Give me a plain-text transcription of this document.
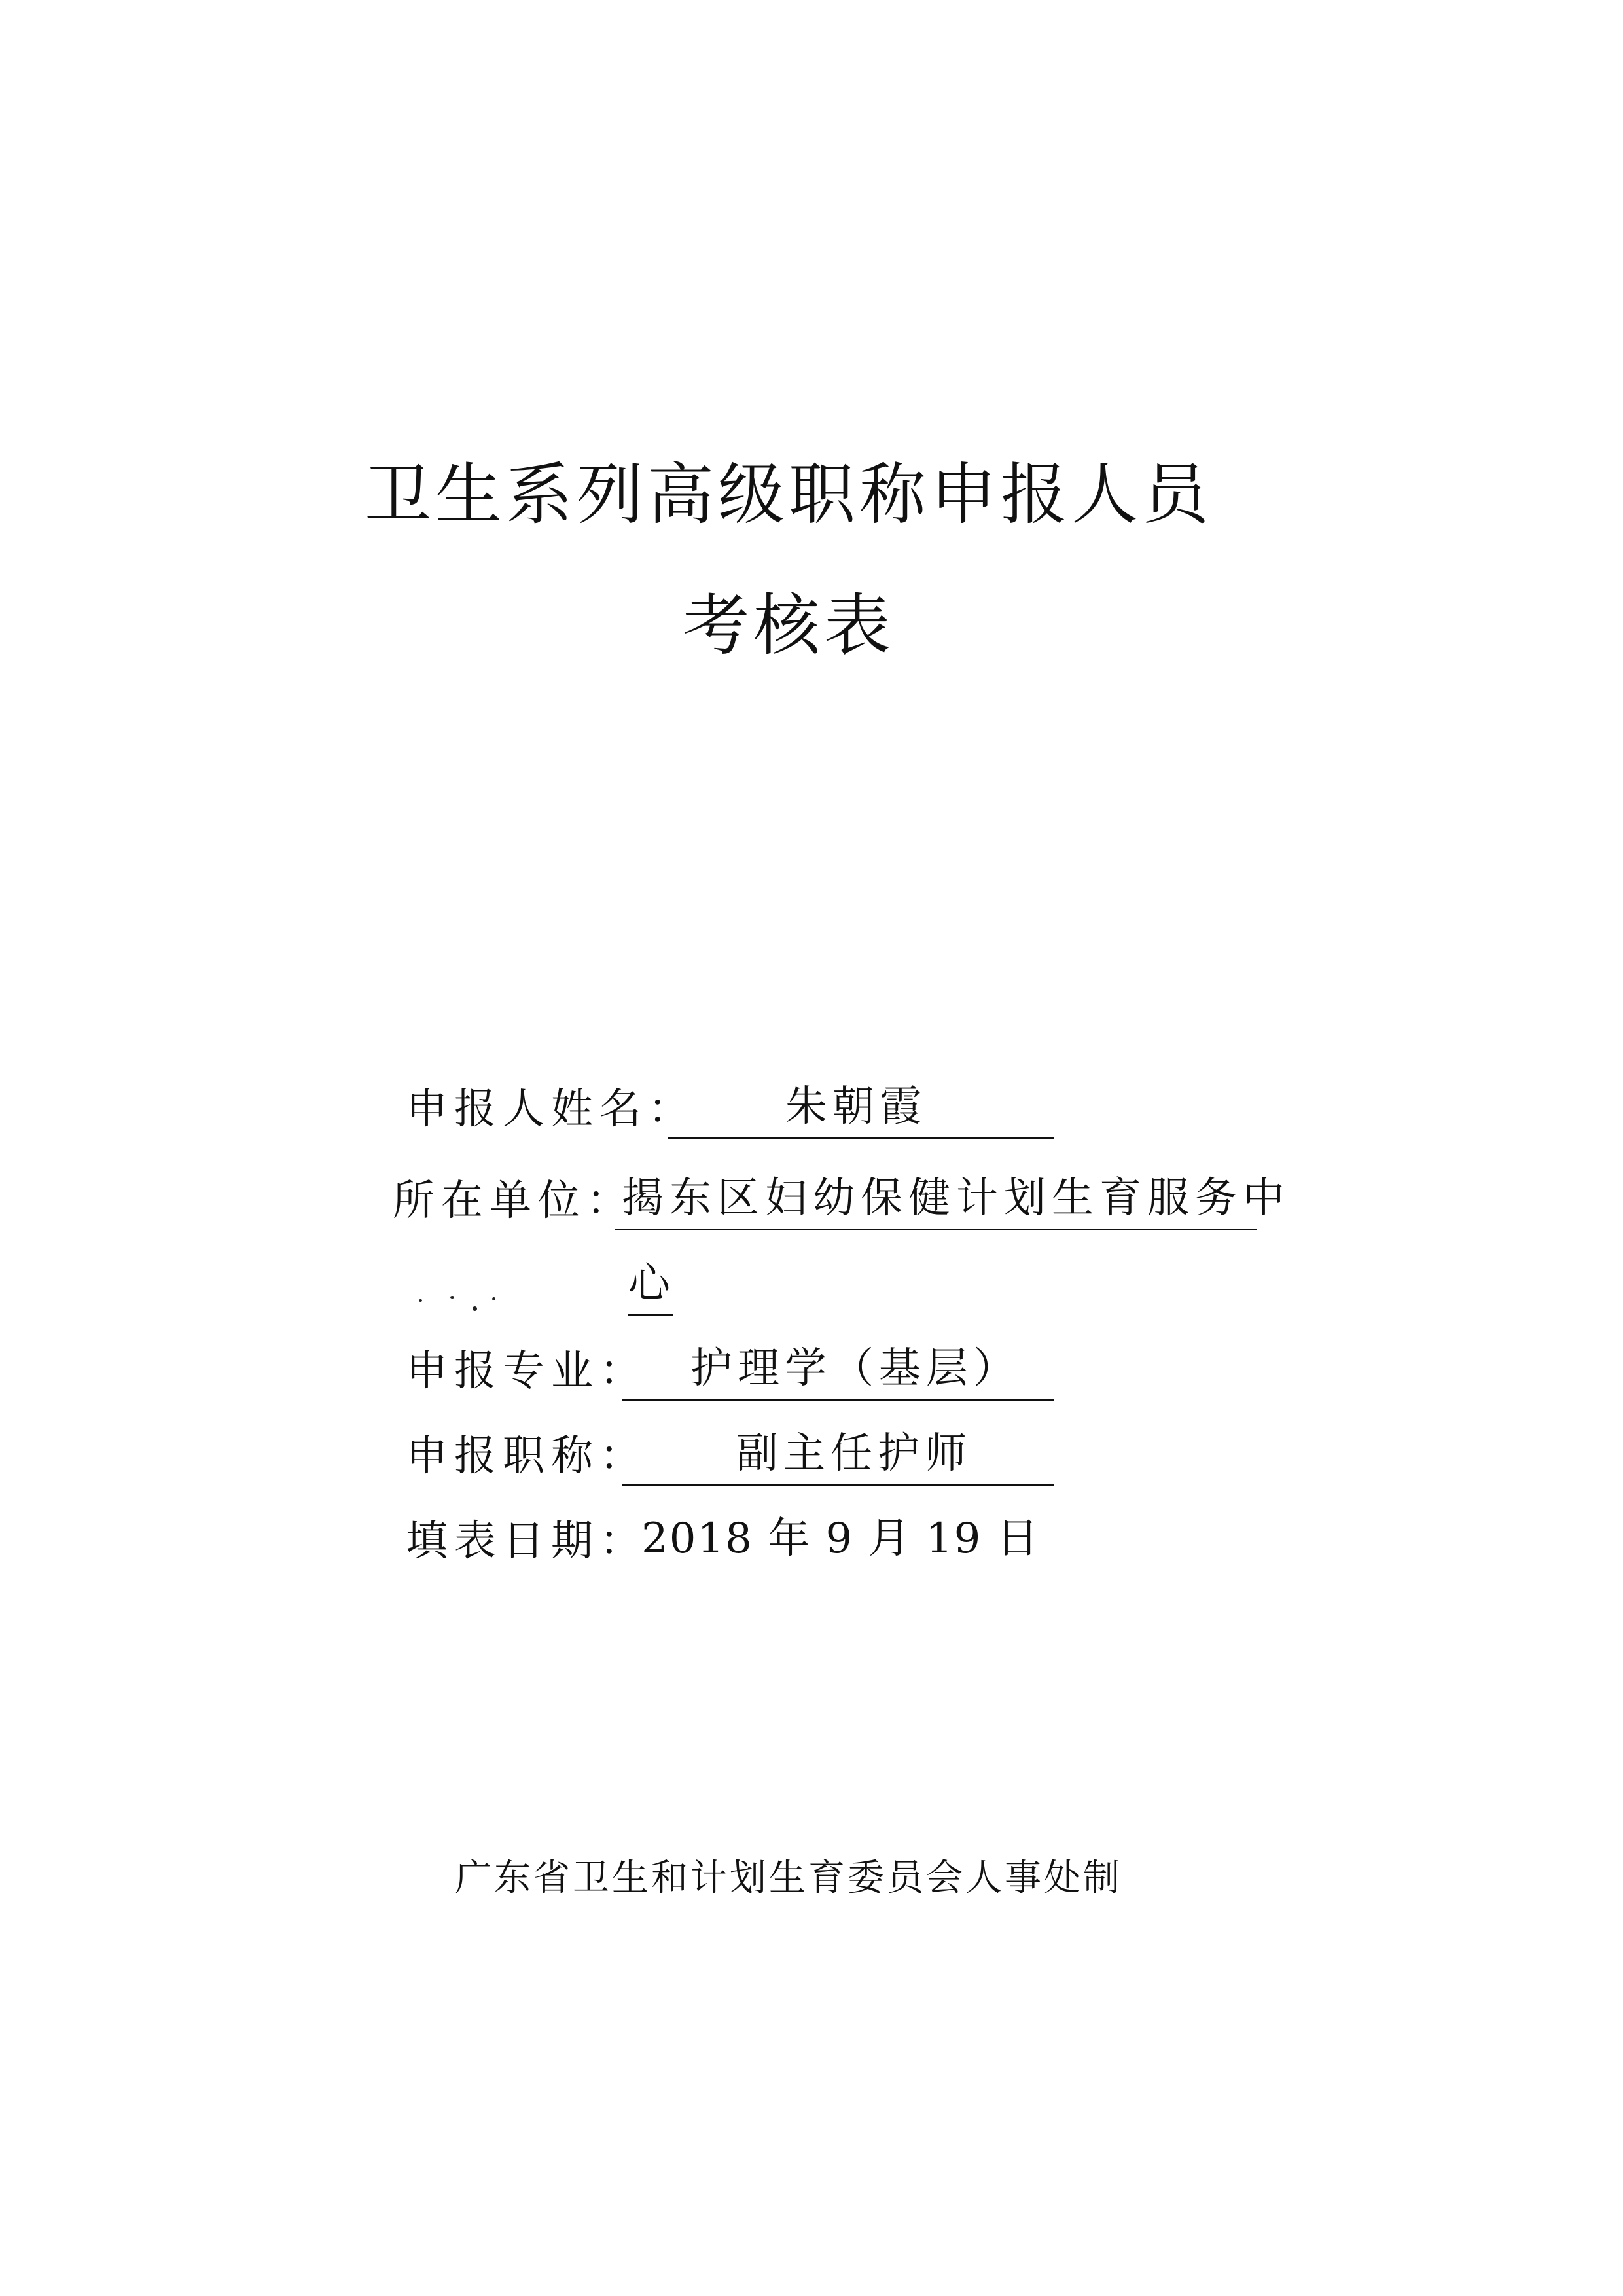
卫生系列高级职称申报人员
考核表
申报人姓名： 朱朝霞
所在单位：
揭东区妇幼保健计划生育服务中
心
申报专业： 护理学（基层）
申报职称： 副主任护师
填表日期：
2018 年 9 月 19 日
广东省卫生和计划生育委员会人事处制
